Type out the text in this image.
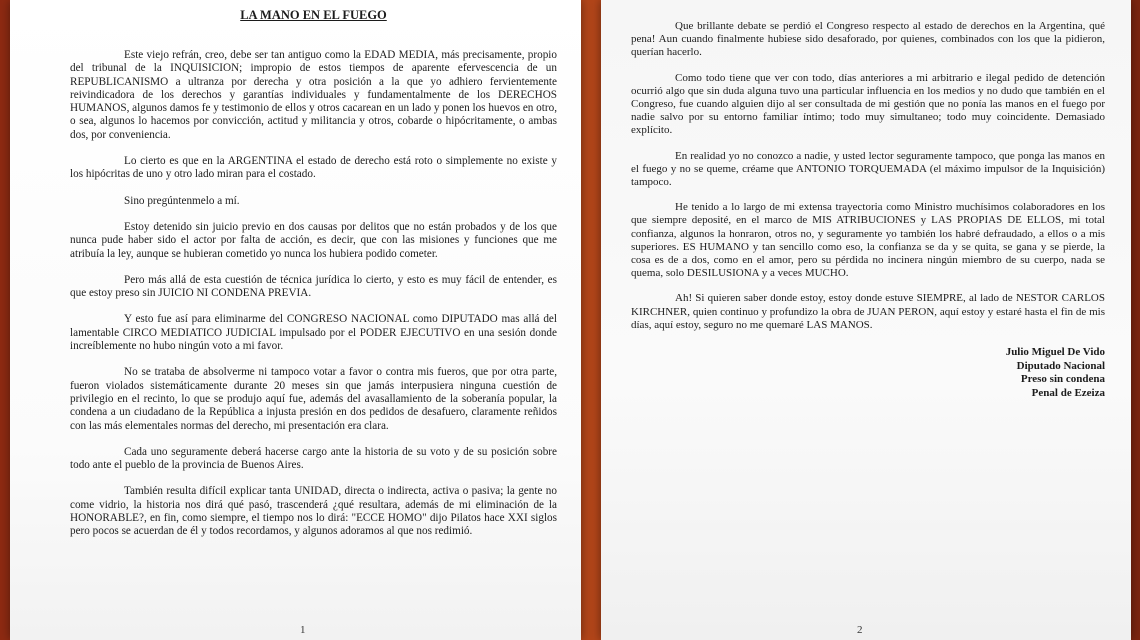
LA MANO EN EL FUEGO

Este viejo refrán, creo, debe ser tan antiguo como la EDAD MEDIA, más precisamente, propio del tribunal de la INQUISICION; impropio de estos tiempos de aparente efervescencia de un REPUBLICANISMO a ultranza por derecha y otra posición a la que yo adhiero fervientemente reivindicadora de los derechos y garantías individuales y fundamentalmente de los DERECHOS HUMANOS, algunos damos fe y testimonio de ellos y otros cacarean en un lado y ponen los huevos en otro, o sea, algunos lo hacemos por convicción, actitud y militancia y otros, cobarde o hipócritamente, o ambas dos, por conveniencia.

Lo cierto es que en la ARGENTINA el estado de derecho está roto o simplemente no existe y los hipócritas de uno y otro lado miran para el costado.

Sino pregúntenmelo a mí.

Estoy detenido sin juicio previo en dos causas por delitos que no están probados y de los que nunca pude haber sido el actor por falta de acción, es decir, que con las misiones y funciones que me atribuía la ley, aunque se hubieran cometido yo nunca los hubiera podido cometer.

Pero más allá de esta cuestión de técnica jurídica lo cierto, y esto es muy fácil de entender, es que estoy preso sin JUICIO NI CONDENA PREVIA.

Y esto fue así para eliminarme del CONGRESO NACIONAL como DIPUTADO mas allá del lamentable CIRCO MEDIATICO JUDICIAL impulsado por el PODER EJECUTIVO en una sesión donde increíblemente no hubo ningún voto a mi favor.

No se trataba de absolverme ni tampoco votar a favor o contra mis fueros, que por otra parte, fueron violados sistemáticamente durante 20 meses sin que jamás interpusiera ninguna cuestión de privilegio en el recinto, lo que se produjo aquí fue, además del avasallamiento de la soberanía popular, la condena a un ciudadano de la República a injusta presión en dos pedidos de desafuero, claramente reñidos con las más elementales normas del derecho, mi presentación era clara.

Cada uno seguramente deberá hacerse cargo ante la historia de su voto y de su posición sobre todo ante el pueblo de la provincia de Buenos Aires.

También resulta difícil explicar tanta UNIDAD, directa o indirecta, activa o pasiva; la gente no come vidrio, la historia nos dirá qué pasó, trascenderá ¿qué resultara, además de mi eliminación de la HONORABLE?, en fin, como siempre, el tiempo nos lo dirá: "ECCE HOMO" dijo Pilatos hace XXI siglos pero pocos se acuerdan de él y todos recordamos, y algunos adoramos al que nos redimió.

1

Que brillante debate se perdió el Congreso respecto al estado de derechos en la Argentina, qué pena! Aun cuando finalmente hubiese sido desaforado, por quienes, combinados con los que la pidieron, querían hacerlo.

Como todo tiene que ver con todo, días anteriores a mi arbitrario e ilegal pedido de detención ocurrió algo que sin duda alguna tuvo una particular influencia en los medios y no dudo que también en el Congreso, fue cuando alguien dijo al ser consultada de mi gestión que no ponía las manos en el fuego por nadie salvo por su entorno familiar íntimo; todo muy simultaneo; todo muy coincidente. Demasiado explícito.

En realidad yo no conozco a nadie, y usted lector seguramente tampoco, que ponga las manos en el fuego y no se queme, créame que ANTONIO TORQUEMADA (el máximo impulsor de la Inquisición) tampoco.

He tenido a lo largo de mi extensa trayectoria como Ministro muchísimos colaboradores en los que siempre deposité, en el marco de MIS ATRIBUCIONES y LAS PROPIAS DE ELLOS, mi total confianza, algunos la honraron, otros no, y seguramente yo también los habré defraudado, a ellos o a mis superiores. ES HUMANO y tan sencillo como eso, la confianza se da y se quita, se gana y se pierde, la cosa es de a dos, como en el amor, pero su pérdida no incinera ningún miembro de su cuerpo, nada se quema, solo DESILUSIONA y a veces MUCHO.

Ah! Si quieren saber donde estoy, estoy donde estuve SIEMPRE, al lado de NESTOR CARLOS KIRCHNER, quien continuo y profundizo la obra de JUAN PERON, aquí estoy y estaré hasta el fin de mis días, aquí estoy, seguro no me quemaré LAS MANOS.

Julio Miguel De Vido
Diputado Nacional
Preso sin condena
Penal de Ezeiza
2
